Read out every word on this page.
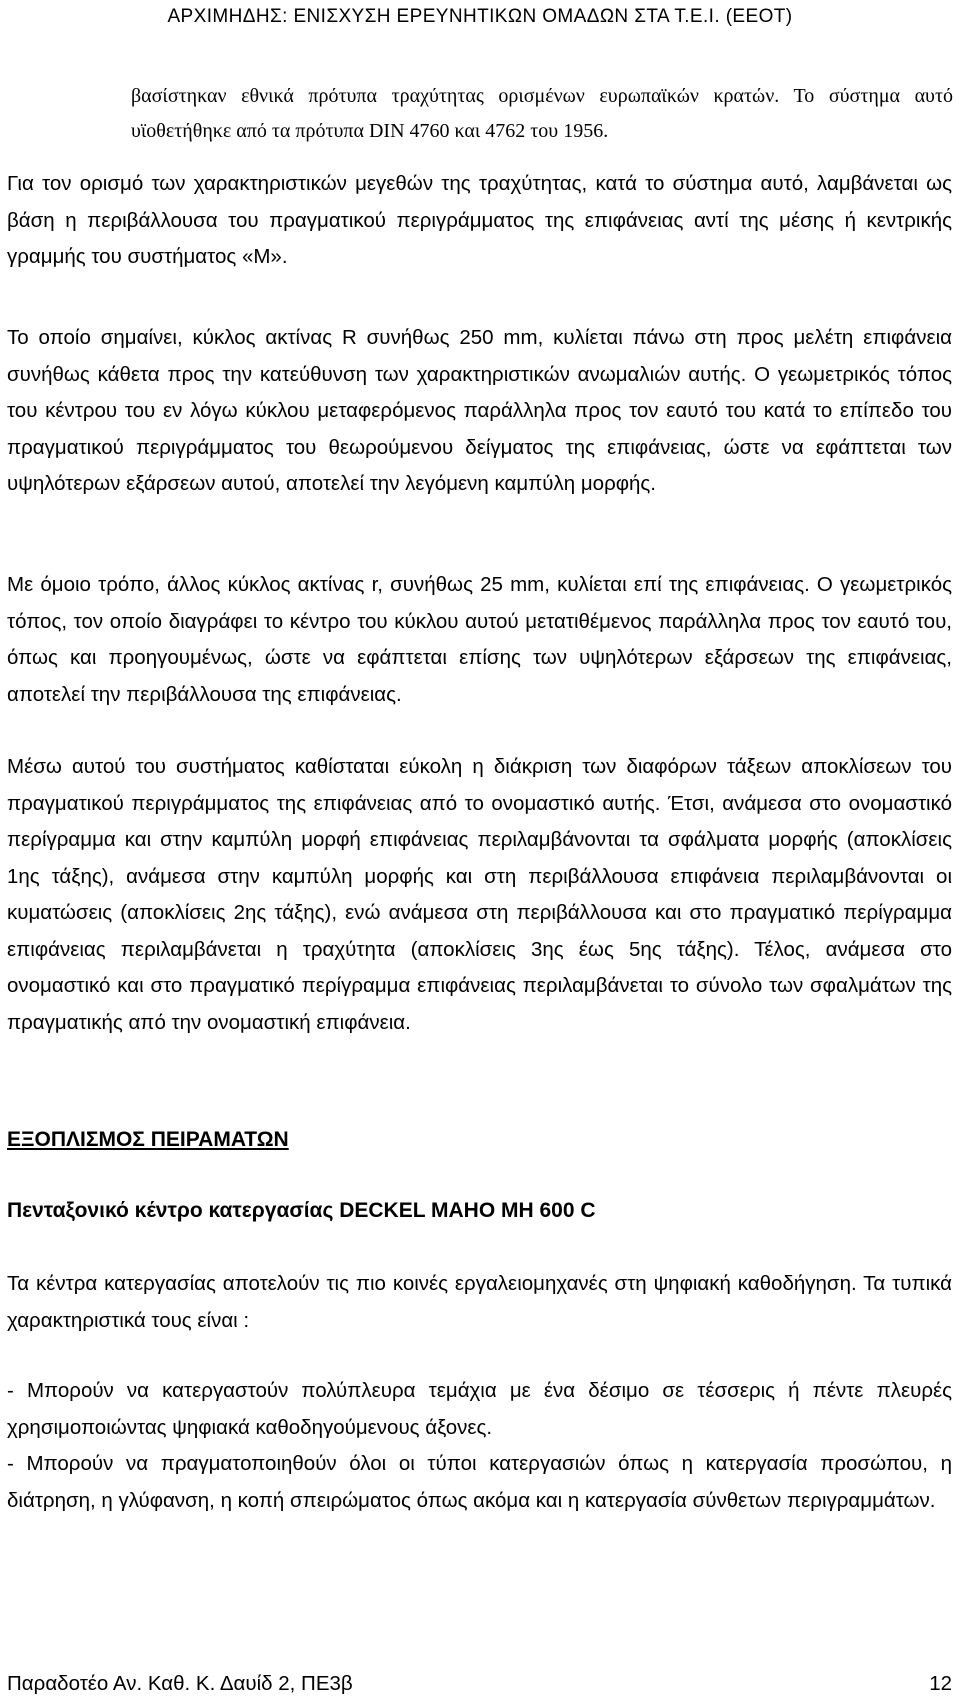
ΑΡΧΙΜΗΔΗΣ: ΕΝΙΣΧΥΣΗ ΕΡΕΥΝΗΤΙΚΩΝ ΟΜΑΔΩΝ ΣΤΑ Τ.Ε.Ι. (ΕΕΟΤ)
βασίστηκαν εθνικά πρότυπα τραχύτητας ορισμένων ευρωπαϊκών κρατών. Το σύστημα αυτό υϊοθετήθηκε από τα πρότυπα DIN 4760 και 4762 του 1956.

Για τον ορισμό των χαρακτηριστικών μεγεθών της τραχύτητας, κατά το σύστημα αυτό, λαμβάνεται ως βάση η περιβάλλουσα του πραγματικού περιγράμματος της επιφάνειας αντί της μέσης ή κεντρικής γραμμής του συστήματος «Μ».

Το οποίο σημαίνει, κύκλος ακτίνας R συνήθως 250 mm, κυλίεται πάνω στη προς μελέτη επιφάνεια συνήθως κάθετα προς την κατεύθυνση των χαρακτηριστικών ανωμαλιών αυτής. Ο γεωμετρικός τόπος του κέντρου του εν λόγω κύκλου μεταφερόμενος παράλληλα προς τον εαυτό του κατά το επίπεδο του πραγματικού περιγράμματος του θεωρούμενου δείγματος της επιφάνειας, ώστε να εφάπτεται των υψηλότερων εξάρσεων αυτού, αποτελεί την λεγόμενη καμπύλη μορφής.

Με όμοιο τρόπο, άλλος κύκλος ακτίνας r, συνήθως 25 mm, κυλίεται επί της επιφάνειας. Ο γεωμετρικός τόπος, τον οποίο διαγράφει το κέντρο του κύκλου αυτού μετατιθέμενος παράλληλα προς τον εαυτό του, όπως και προηγουμένως, ώστε να εφάπτεται επίσης των υψηλότερων εξάρσεων της επιφάνειας, αποτελεί την περιβάλλουσα της επιφάνειας.

Μέσω αυτού του συστήματος καθίσταται εύκολη η διάκριση των διαφόρων τάξεων αποκλίσεων του πραγματικού περιγράμματος της επιφάνειας από το ονομαστικό αυτής. Έτσι, ανάμεσα στο ονομαστικό περίγραμμα και στην καμπύλη μορφή επιφάνειας περιλαμβάνονται τα σφάλματα μορφής (αποκλίσεις 1ης τάξης), ανάμεσα στην καμπύλη μορφής και στη περιβάλλουσα επιφάνεια περιλαμβάνονται οι κυματώσεις (αποκλίσεις 2ης τάξης), ενώ ανάμεσα στη περιβάλλουσα και στο πραγματικό περίγραμμα επιφάνειας περιλαμβάνεται η τραχύτητα (αποκλίσεις 3ης έως 5ης τάξης). Τέλος, ανάμεσα στο ονομαστικό και στο πραγματικό περίγραμμα επιφάνειας περιλαμβάνεται το σύνολο των σφαλμάτων της πραγματικής από την ονομαστική επιφάνεια.

ΕΞΟΠΛΙΣΜΟΣ ΠΕΙΡΑΜΑΤΩΝ
Πενταξονικό κέντρο κατεργασίας DECKEL MAHO MH 600 C

Τα κέντρα κατεργασίας αποτελούν τις πιο κοινές εργαλειομηχανές στη ψηφιακή καθοδήγηση. Τα τυπικά χαρακτηριστικά τους είναι :

- Μπορούν να κατεργαστούν πολύπλευρα τεμάχια με ένα δέσιμο σε τέσσερις ή πέντε πλευρές χρησιμοποιώντας ψηφιακά καθοδηγούμενους άξονες.

- Μπορούν να πραγματοποιηθούν όλοι οι τύποι κατεργασιών όπως η κατεργασία προσώπου, η διάτρηση, η γλύφανση, η κοπή σπειρώματος όπως ακόμα και η κατεργασία σύνθετων περιγραμμάτων.

Παραδοτέο Αν. Καθ. Κ. Δαυίδ 2, ΠΕ3β	12
